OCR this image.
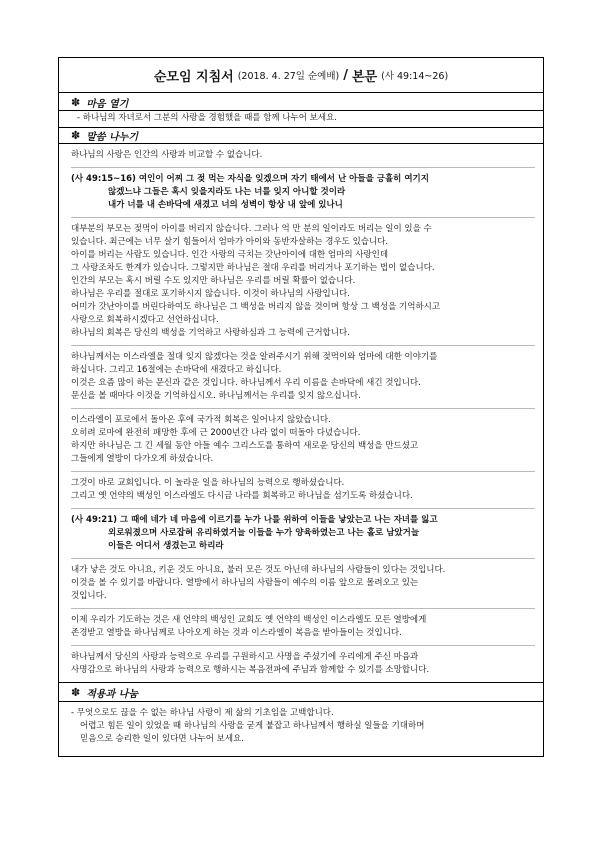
순모임 지침서 (2018. 4. 27일 순예배) / 본문 (사 49:14~26)
✽ 마음 열기

- 하나님의 자녀로서 그분의 사랑을 경험했을 때를 함께 나누어 보세요.

✽ 말씀 나누기

하나님의 사랑은 인간의 사랑과 비교할 수 없습니다.

(사 49:15~16) 여인이 어찌 그 젖 먹는 자식을 잊겠으며 자기 태에서 난 아들을 긍휼히 여기지

않겠느냐 그들은 혹시 잊을지라도 나는 너를 잊지 아니할 것이라

내가 너를 내 손바닥에 새겼고 너의 성벽이 항상 내 앞에 있나니

대부분의 부모는 젖먹이 아이를 버리지 않습니다. 그러나 억 만 분의 일이라도 버리는 일이 있을 수

있습니다. 최근에는 너무 살기 힘들어서 엄마가 아이와 동반자살하는 경우도 있습니다.

아이를 버리는 사람도 있습니다. 인간 사랑의 극치는 갓난아이에 대한 엄마의 사랑인데

그 사랑조차도 한계가 있습니다. 그렇지만 하나님은 절대 우리를 버리거나 포기하는 법이 없습니다.

인간의 부모는 혹시 버릴 수도 있지만 하나님은 우리를 버릴 확률이 없습니다.

하나님은 우리를 절대로 포기하시지 않습니다. 이것이 하나님의 사랑입니다.

어미가 갓난아이를 버린다하여도 하나님은 그 백성을 버리지 않을 것이며 항상 그 백성을 기억하시고

사랑으로 회복하시겠다고 선언하십니다.

하나님의 회복은 당신의 백성을 기억하고 사랑하심과 그 능력에 근거합니다.

하나님께서는 이스라엘을 절대 잊지 않겠다는 것을 알려주시기 위해 젖먹이와 엄마에 대한 이야기를

하십니다. 그리고 16절에는 손바닥에 새겼다고 하십니다.

이것은 요즘 많이 하는 문신과 같은 것입니다. 하나님께서 우리 이름을 손바닥에 새긴 것입니다.

문신을 볼 때마다 이것을 기억하십시오. 하나님께서는 우리를 잊지 않으십니다.

이스라엘이 포로에서 돌아온 후에 국가적 회복은 일어나지 않았습니다.

오히려 로마에 완전히 패망한 후에 근 2000년간 나라 없이 떠돌아 다녔습니다.

하지만 하나님은 그 긴 세월 동안 아들 예수 그리스도를 통하여 새로운 당신의 백성을 만드셨고

그들에게 열방이 다가오게 하셨습니다.

그것이 바로 교회입니다. 이 놀라운 일을 하나님의 능력으로 행하셨습니다.

그리고 옛 언약의 백성인 이스라엘도 다시금 나라를 회복하고 하나님을 섬기도록 하셨습니다.

(사 49:21) 그 때에 네가 네 마음에 이르기를 누가 나를 위하여 이들을 낳았는고 나는 자녀를 잃고

외로워졌으며 사로잡혀 유리하였거늘 이들을 누가 양육하였는고 나는 홀로 남았거늘

이들은 어디서 생겼는고 하리라

내가 낳은 것도 아니요, 키운 것도 아니요, 불러 모은 것도 아닌데 하나님의 사람들이 있다는 것입니다.

이것을 볼 수 있기를 바랍니다. 열방에서 하나님의 사람들이 예수의 이름 앞으로 몰려오고 있는

것입니다.

이제 우리가 기도하는 것은 새 언약의 백성인 교회도 옛 언약의 백성인 이스라엘도 모든 열방에게

존경받고 열방을 하나님께로 나아오게 하는 것과 이스라엘이 복음을 받아들이는 것입니다.

하나님께서 당신의 사랑과 능력으로 우리를 구원하시고 사명을 주셨기에 우리에게 주신 마음과

사명감으로 하나님의 사랑과 능력으로 행하시는 복음전파에 주님과 함께할 수 있기를 소망합니다.

✽ 적용과 나눔

- 무엇으로도 끊을 수 없는 하나님 사랑이 제 삶의 기초임을 고백합니다.

어렵고 힘든 일이 있었을 때 하나님의 사랑을 굳게 붙잡고 하나님께서 행하실 일들을 기대하며

믿음으로 승리한 일이 있다면 나누어 보세요.
